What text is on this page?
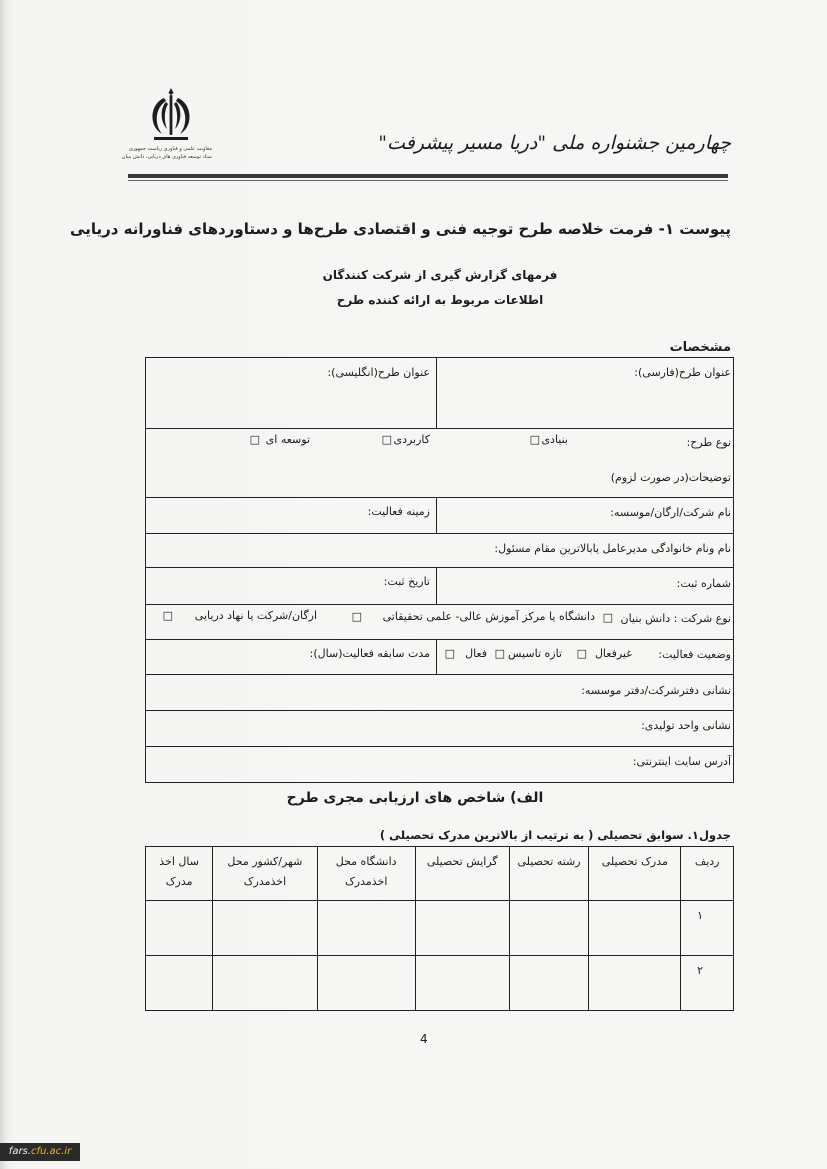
معاونت علمی و فناوری ریاست جمهوری
ستاد توسعه فناوری های دریایی، دانش بنیان
چهارمین جشنواره ملی "دریا مسیر پیشرفت"
پیوست ۱- فرمت خلاصه طرح توجیه فنی و اقتصادی طرح‌ها و دستاوردهای فناورانه دریایی
فرمهای گزارش گیری از شرکت کنندگان
اطلاعات مربوط به ارائه کننده طرح
مشخصات
عنوان طرح(فارسی):
عنوان طرح(انگلیسی):
نوع طرح:
بنیادی
□
کاربردی
□
توسعه ای
□
توضیحات(در صورت لزوم)
نام شرکت/ارگان/موسسه:
زمینه فعالیت:
نام ونام خانوادگی مدیرعامل یابالاترین مقام مسئول:
شماره ثبت:
تاریخ ثبت:
نوع شرکت : دانش بنیان
□
دانشگاه یا مرکز آموزش عالی- علمی تحقیقاتی
□
ارگان/شرکت یا نهاد دریایی
□
وضعیت فعالیت:
غیرفعال
□
تازه تاسیس
□
فعال
□
مدت سابقه فعالیت(سال):
نشانی دفترشرکت/دفتر موسسه:
نشانی واحد تولیدی:
آدرس سایت اینترنتی:
الف) شاخص های ارزیابی مجری طرح
جدول۱. سوابق تحصیلی ( به ترتیب از بالاترین مدرک تحصیلی )
ردیف	مدرک تحصیلی	رشته تحصیلی	گرایش تحصیلی	دانشگاه محل اخذمدرک	شهر/کشور محل اخذمدرک	سال اخذ مدرک
۱						
۲						
4
fars.cfu.ac.ir
